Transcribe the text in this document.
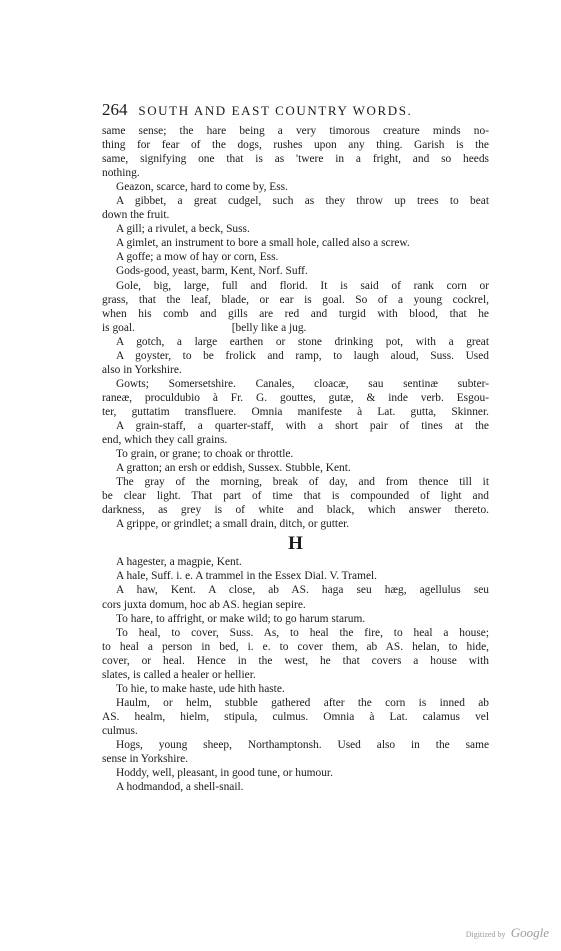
264 SOUTH AND EAST COUNTRY WORDS.
same sense; the hare being a very timorous creature minds no-
thing for fear of the dogs, rushes upon any thing. Garish is the
same, signifying one that is as 'twere in a fright, and so heeds
nothing.
Geazon, scarce, hard to come by, Ess.
A gibbet, a great cudgel, such as they throw up trees to beat
down the fruit.
A gill; a rivulet, a beck, Suss.
A gimlet, an instrument to bore a small hole, called also a screw.
A goffe; a mow of hay or corn, Ess.
Gods-good, yeast, barm, Kent, Norf. Suff.
Gole, big, large, full and florid. It is said of rank corn or
grass, that the leaf, blade, or ear is goal. So of a young cockrel,
when his comb and gills are red and turgid with blood, that he
is goal.                                  [belly like a jug.
A gotch, a large earthen or stone drinking pot, with a great
A goyster, to be frolick and ramp, to laugh aloud, Suss. Used
also in Yorkshire.
Gowts; Somersetshire. Canales, cloacæ, sau sentinæ subter-
raneæ, proculdubio à Fr. G. gouttes, gutæ, & inde verb. Esgou-
ter, guttatim transfluere. Omnia manifeste à Lat. gutta, Skinner.
A grain-staff, a quarter-staff, with a short pair of tines at the
end, which they call grains.
To grain, or grane; to choak or throttle.
A gratton; an ersh or eddish, Sussex. Stubble, Kent.
The gray of the morning, break of day, and from thence till it
be clear light. That part of time that is compounded of light and
darkness, as grey is of white and black, which answer thereto.
A grippe, or grindlet; a small drain, ditch, or gutter.
H
A hagester, a magpie, Kent.
A hale, Suff. i. e. A trammel in the Essex Dial. V. Tramel.
A haw, Kent. A close, ab AS. haga seu hæg, agellulus seu
cors juxta domum, hoc ab AS. hegian sepire.
To hare, to affright, or make wild; to go harum starum.
To heal, to cover, Suss. As, to heal the fire, to heal a house;
to heal a person in bed, i. e. to cover them, ab AS. helan, to hide,
cover, or heal. Hence in the west, he that covers a house with
slates, is called a healer or hellier.
To hie, to make haste, ude hith haste.
Haulm, or helm, stubble gathered after the corn is inned ab
AS. healm, hielm, stipula, culmus. Omnia à Lat. calamus vel
culmus.
Hogs, young sheep, Northamptonsh. Used also in the same
sense in Yorkshire.
Hoddy, well, pleasant, in good tune, or humour.
A hodmandod, a shell-snail.
Digitized by Google
